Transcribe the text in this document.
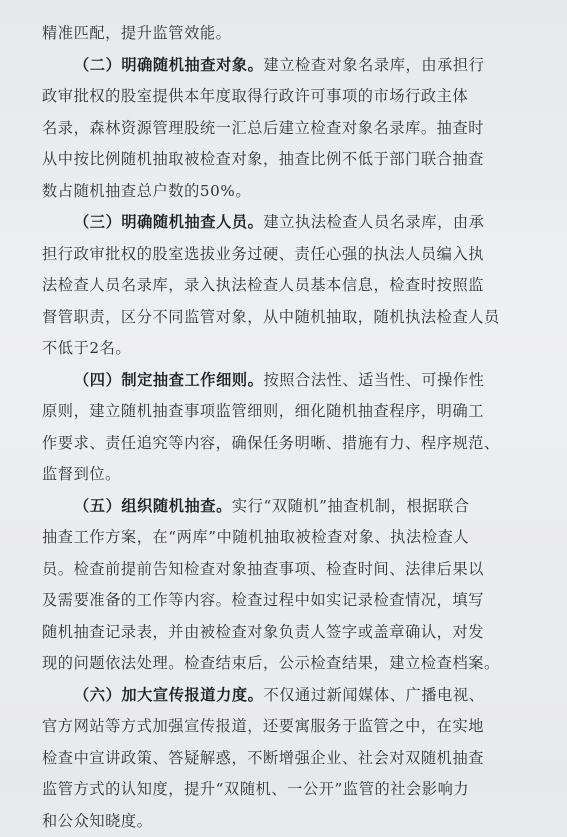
精准匹配，提升监管效能。
（二）明确随机抽查对象。建立检查对象名录库，由承担行
政审批权的股室提供本年度取得行政许可事项的市场行政主体
名录，森林资源管理股统一汇总后建立检查对象名录库。抽查时
从中按比例随机抽取被检查对象，抽查比例不低于部门联合抽查
数占随机抽查总户数的50%。
（三）明确随机抽查人员。建立执法检查人员名录库，由承
担行政审批权的股室选拔业务过硬、责任心强的执法人员编入执
法检查人员名录库，录入执法检查人员基本信息，检查时按照监
督管职责，区分不同监管对象，从中随机抽取，随机执法检查人员
不低于2名。
（四）制定抽查工作细则。按照合法性、适当性、可操作性
原则，建立随机抽查事项监管细则，细化随机抽查程序，明确工
作要求、责任追究等内容，确保任务明晰、措施有力、程序规范、
监督到位。
（五）组织随机抽查。实行“双随机”抽查机制，根据联合
抽查工作方案，在“两库”中随机抽取被检查对象、执法检查人
员。检查前提前告知检查对象抽查事项、检查时间、法律后果以
及需要准备的工作等内容。检查过程中如实记录检查情况，填写
随机抽查记录表，并由被检查对象负责人签字或盖章确认，对发
现的问题依法处理。检查结束后，公示检查结果，建立检查档案。
（六）加大宣传报道力度。不仅通过新闻媒体、广播电视、
官方网站等方式加强宣传报道，还要寓服务于监管之中，在实地
检查中宣讲政策、答疑解惑，不断增强企业、社会对双随机抽查
监管方式的认知度，提升“双随机、一公开”监管的社会影响力
和公众知晓度。
